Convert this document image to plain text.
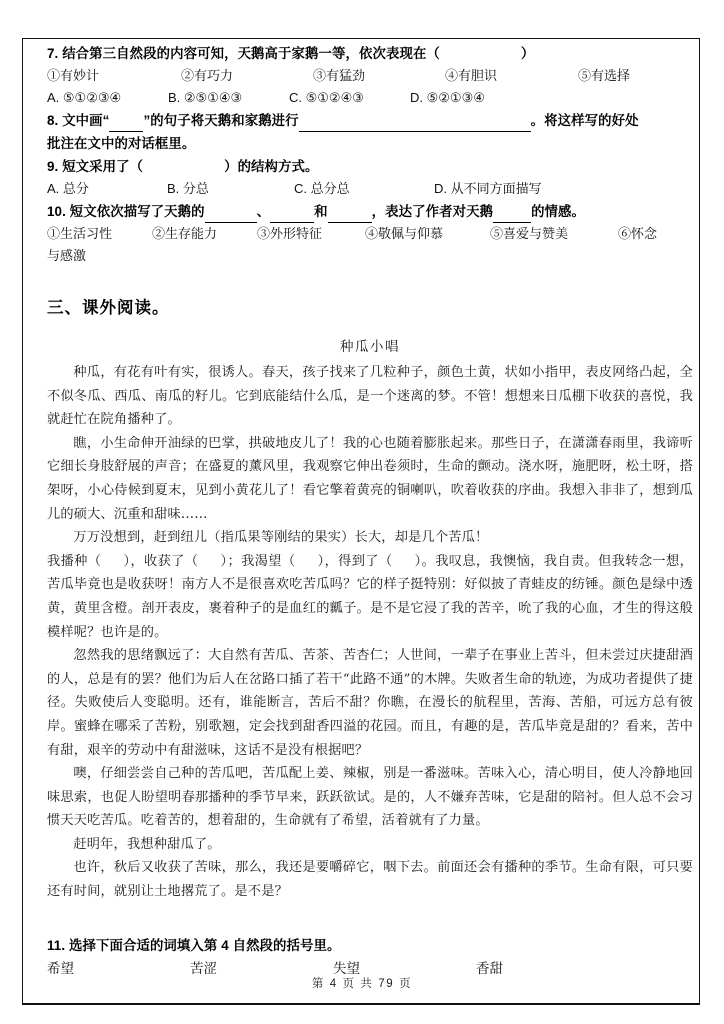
7. 结合第三自然段的内容可知，天鹅高于家鹅一等，依次表现在（　　　　　　）
①有妙计	②有巧力	③有猛劲	④有胆识	⑤有选择
A. ⑤①②③④	B. ②⑤①④③	C. ⑤①②④③	D. ⑤②①③④
8. 文中画“	”的句子将天鹅和家鹅进行	。将这样写的好处
批注在文中的对话框里。
9. 短文采用了（　　　　　　）的结构方式。
A. 总分	B. 分总	C. 总分总	D. 从不同方面描写
10. 短文依次描写了天鹅的	、	和	，表达了作者对天鹅	的情感。
①生活习性	②生存能力	③外形特征	④敬佩与仰慕	⑤喜爱与赞美	⑥怀念
与感激
三、课外阅读。
种瓜小唱

种瓜，有花有叶有实，很诱人。春天，孩子找来了几粒种子，颜色土黄，状如小指甲，表皮网络凸起，全不似冬瓜、西瓜、南瓜的籽儿。它到底能结什么瓜，是一个迷离的梦。不管！想想来日瓜棚下收获的喜悦，我就赶忙在院角播种了。

瞧，小生命伸开油绿的巴掌，拱破地皮儿了！我的心也随着膨胀起来。那些日子，在潇潇春雨里，我谛听它细长身肢舒展的声音；在盛夏的薰风里，我观察它伸出卷须时，生命的颤动。浇水呀，施肥呀，松土呀，搭架呀，小心侍候到夏末，见到小黄花儿了！看它擎着黄亮的铜喇叭，吹着收获的序曲。我想入非非了，想到瓜儿的硕大、沉重和甜味……

万万没想到，赶到纽儿（指瓜果等刚结的果实）长大，却是几个苦瓜！

我播种（ ），收获了（ ）；我渴望（ ），得到了（ ）。我叹息，我懊恼，我自责。但我转念一想，苦瓜毕竟也是收获呀！南方人不是很喜欢吃苦瓜吗？它的样子挺特别：好似披了青蛙皮的纺锤。颜色是绿中透黄，黄里含橙。剖开表皮，裹着种子的是血红的瓤子。是不是它浸了我的苦辛，吮了我的心血，才生的得这般模样呢？也许是的。

忽然我的思绪飘远了：大自然有苦瓜、苦茶、苦杏仁；人世间，一辈子在事业上苦斗，但未尝过庆捷甜酒的人，总是有的罢？他们为后人在岔路口插了若干“此路不通”的木牌。失败者生命的轨迹，为成功者提供了捷径。失败使后人变聪明。还有，谁能断言，苦后不甜？你瞧，在漫长的航程里，苦海、苦船，可远方总有彼岸。蜜蜂在哪采了苦粉，别歌翘，定会找到甜香四溢的花园。而且，有趣的是，苦瓜毕竟是甜的？看来，苦中有甜，艰辛的劳动中有甜滋味，这话不是没有根据吧？

噢，仔细尝尝自己种的苦瓜吧，苦瓜配上姜、辣椒，别是一番滋味。苦味入心，清心明目，使人冷静地回味思索，也促人盼望明春那播种的季节早来，跃跃欲试。是的，人不嫌弃苦味，它是甜的陪衬。但人总不会习惯天天吃苦瓜。吃着苦的，想着甜的，生命就有了希望，活着就有了力量。

赶明年，我想种甜瓜了。

也许，秋后又收获了苦味，那么，我还是要嚼碎它，咽下去。前面还会有播种的季节。生命有限，可只要还有时间，就别让土地撂荒了。是不是？

11. 选择下面合适的词填入第 4 自然段的括号里。
希望	苦涩	失望	香甜
第 4 页 共 79 页
